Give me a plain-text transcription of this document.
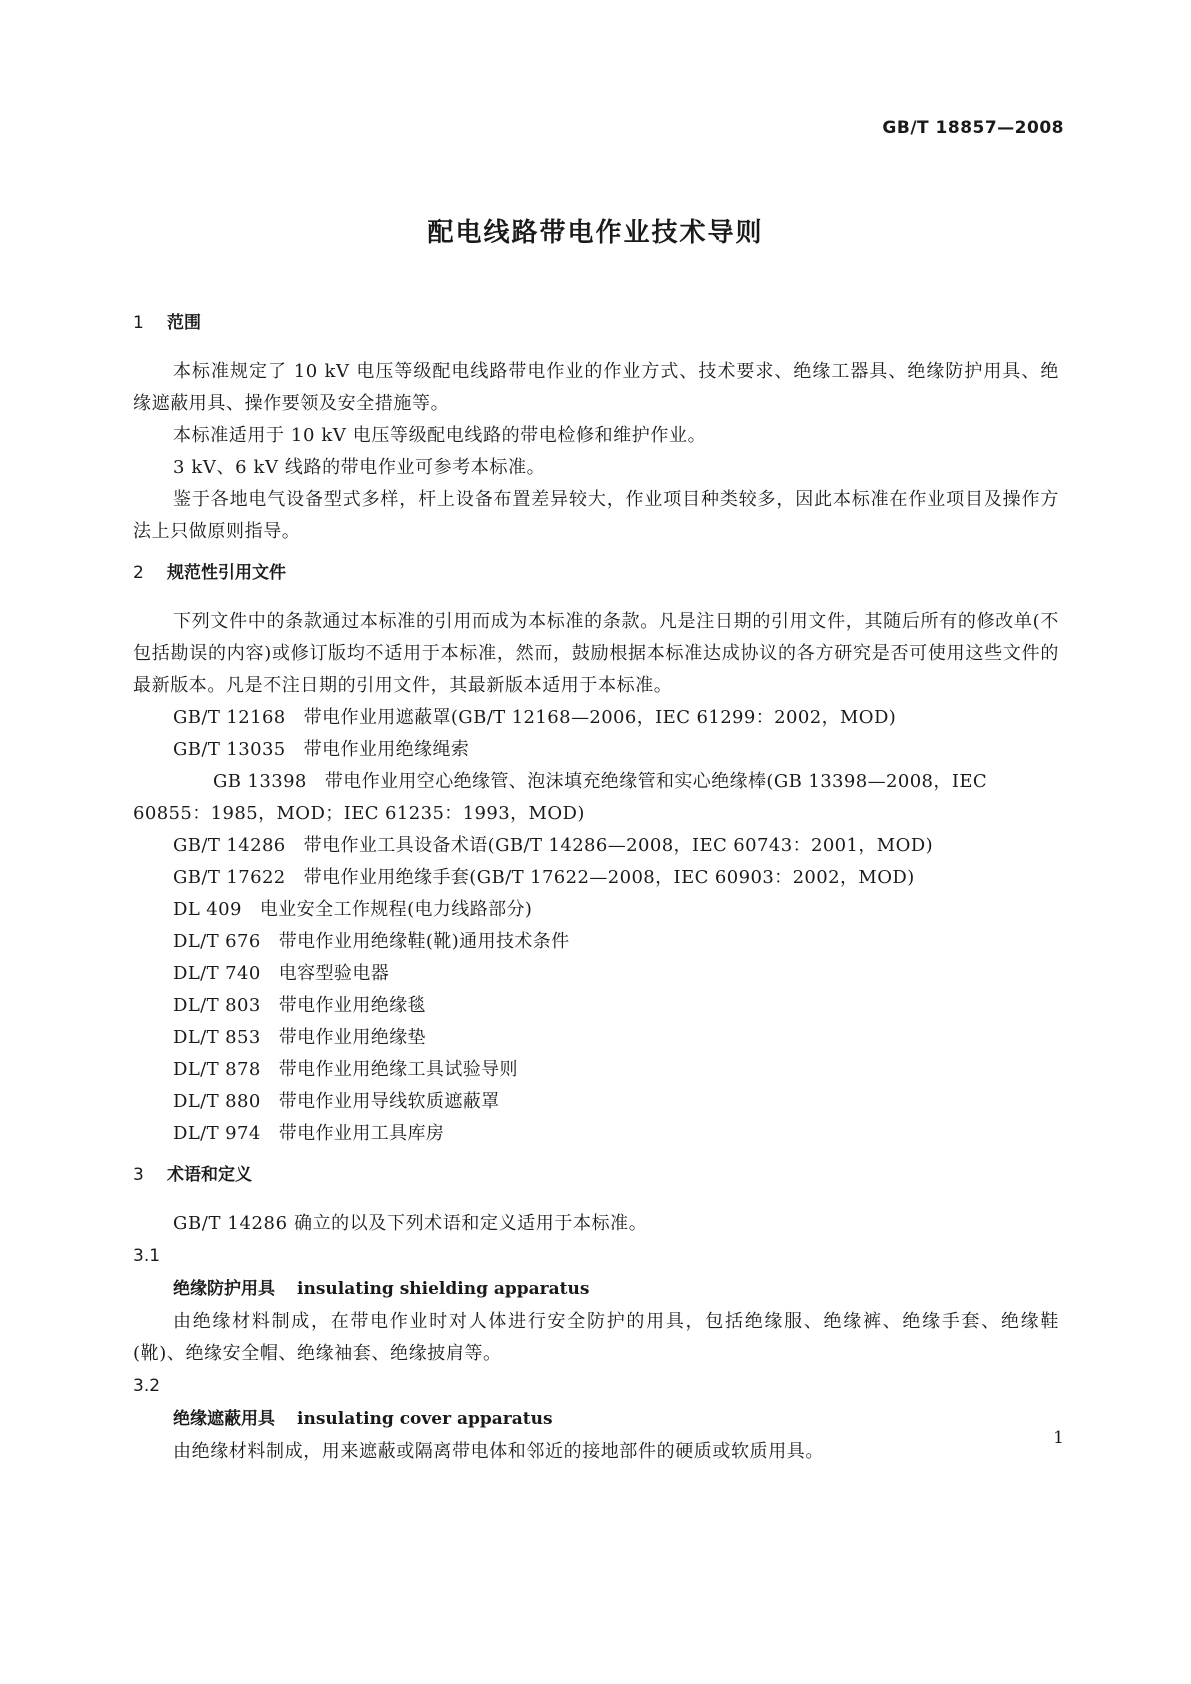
GB/T 18857—2008
配电线路带电作业技术导则
1 范围
本标准规定了 10 kV 电压等级配电线路带电作业的作业方式、技术要求、绝缘工器具、绝缘防护用具、绝缘遮蔽用具、操作要领及安全措施等。
本标准适用于 10 kV 电压等级配电线路的带电检修和维护作业。
3 kV、6 kV 线路的带电作业可参考本标准。
鉴于各地电气设备型式多样，杆上设备布置差异较大，作业项目种类较多，因此本标准在作业项目及操作方法上只做原则指导。
2 规范性引用文件
下列文件中的条款通过本标准的引用而成为本标准的条款。凡是注日期的引用文件，其随后所有的修改单(不包括勘误的内容)或修订版均不适用于本标准，然而，鼓励根据本标准达成协议的各方研究是否可使用这些文件的最新版本。凡是不注日期的引用文件，其最新版本适用于本标准。
GB/T 12168 带电作业用遮蔽罩(GB/T 12168—2006，IEC 61299：2002，MOD)
GB/T 13035 带电作业用绝缘绳索
GB 13398 带电作业用空心绝缘管、泡沫填充绝缘管和实心绝缘棒(GB 13398—2008，IEC 60855：1985，MOD；IEC 61235：1993，MOD)
GB/T 14286 带电作业工具设备术语(GB/T 14286—2008，IEC 60743：2001，MOD)
GB/T 17622 带电作业用绝缘手套(GB/T 17622—2008，IEC 60903：2002，MOD)
DL 409 电业安全工作规程(电力线路部分)
DL/T 676 带电作业用绝缘鞋(靴)通用技术条件
DL/T 740 电容型验电器
DL/T 803 带电作业用绝缘毯
DL/T 853 带电作业用绝缘垫
DL/T 878 带电作业用绝缘工具试验导则
DL/T 880 带电作业用导线软质遮蔽罩
DL/T 974 带电作业用工具库房
3 术语和定义
GB/T 14286 确立的以及下列术语和定义适用于本标准。
3.1
绝缘防护用具 insulating shielding apparatus
由绝缘材料制成，在带电作业时对人体进行安全防护的用具，包括绝缘服、绝缘裤、绝缘手套、绝缘鞋(靴)、绝缘安全帽、绝缘袖套、绝缘披肩等。
3.2
绝缘遮蔽用具 insulating cover apparatus
由绝缘材料制成，用来遮蔽或隔离带电体和邻近的接地部件的硬质或软质用具。
1
